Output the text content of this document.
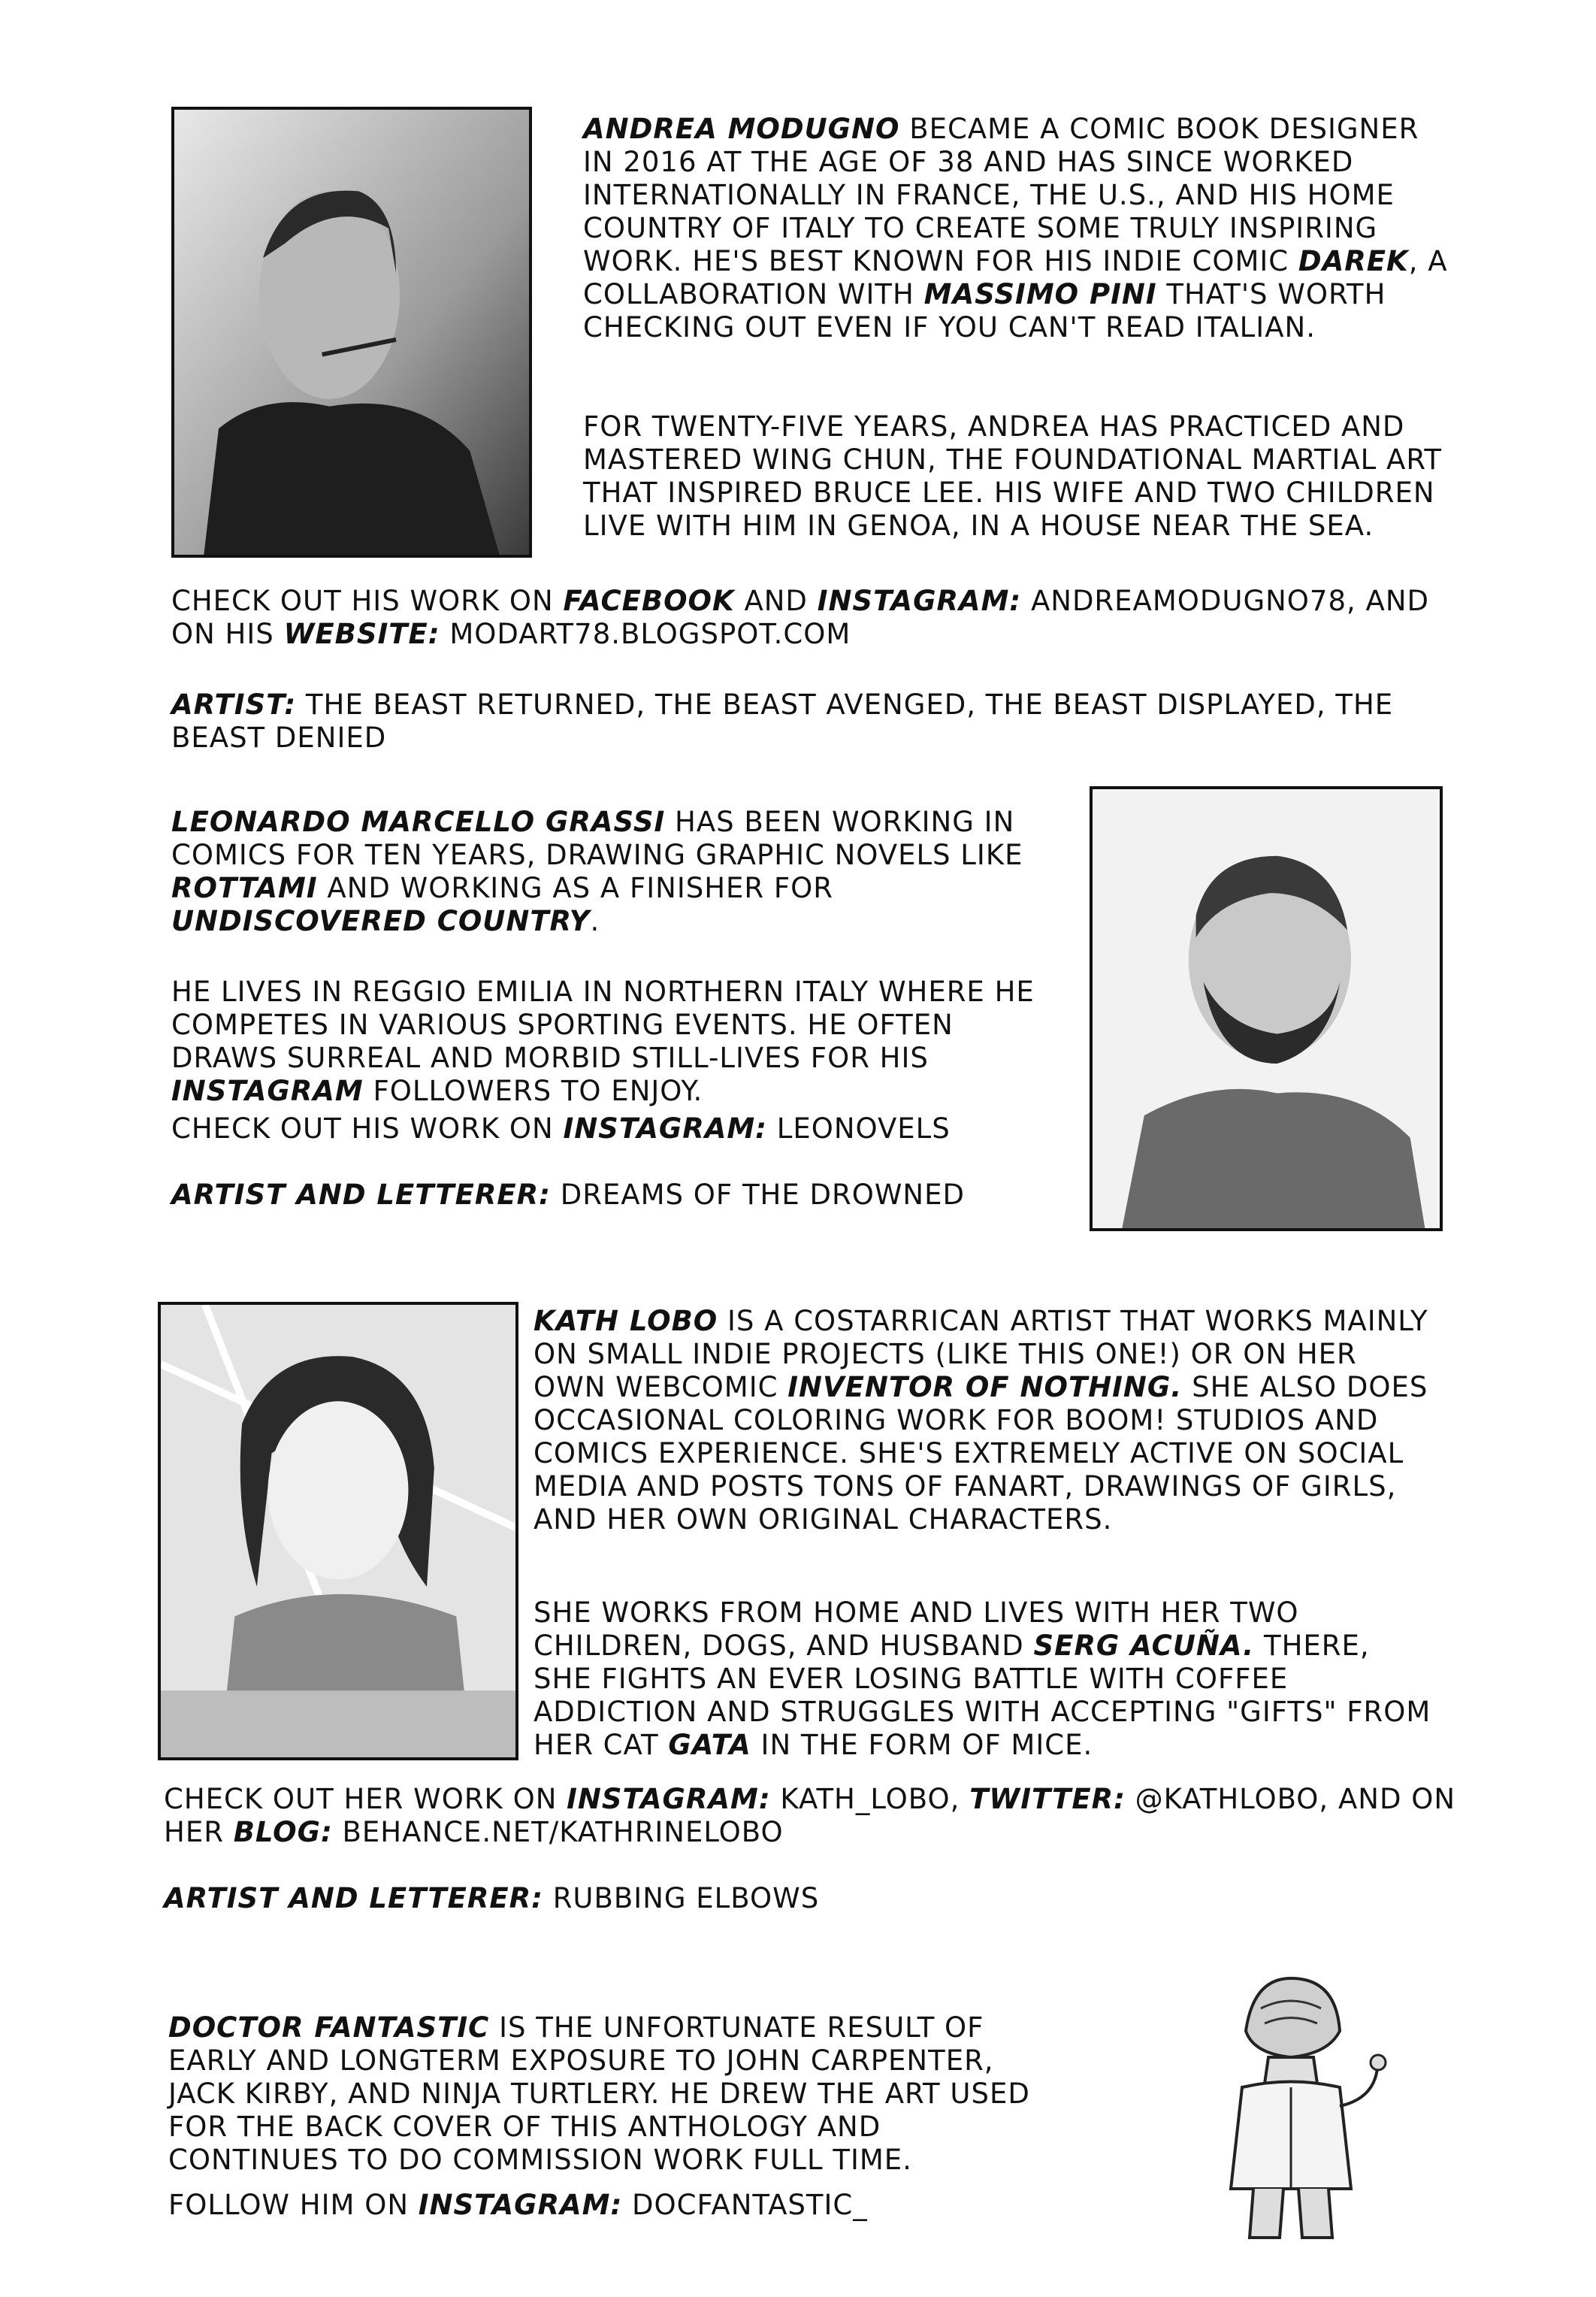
ANDREA MODUGNO BECAME A COMIC BOOK DESIGNER IN 2016 AT THE AGE OF 38 AND HAS SINCE WORKED INTERNATIONALLY IN FRANCE, THE U.S., AND HIS HOME COUNTRY OF ITALY TO CREATE SOME TRULY INSPIRING WORK. HE'S BEST KNOWN FOR HIS INDIE COMIC DAREK, A COLLABORATION WITH MASSIMO PINI THAT'S WORTH CHECKING OUT EVEN IF YOU CAN'T READ ITALIAN.

FOR TWENTY-FIVE YEARS, ANDREA HAS PRACTICED AND MASTERED WING CHUN, THE FOUNDATIONAL MARTIAL ART THAT INSPIRED BRUCE LEE. HIS WIFE AND TWO CHILDREN LIVE WITH HIM IN GENOA, IN A HOUSE NEAR THE SEA.

CHECK OUT HIS WORK ON FACEBOOK AND INSTAGRAM: ANDREAMODUGNO78, AND ON HIS WEBSITE: MODART78.BLOGSPOT.COM

ARTIST: THE BEAST RETURNED, THE BEAST AVENGED, THE BEAST DISPLAYED, THE BEAST DENIED

LEONARDO MARCELLO GRASSI HAS BEEN WORKING IN COMICS FOR TEN YEARS, DRAWING GRAPHIC NOVELS LIKE ROTTAMI AND WORKING AS A FINISHER FOR UNDISCOVERED COUNTRY.

HE LIVES IN REGGIO EMILIA IN NORTHERN ITALY WHERE HE COMPETES IN VARIOUS SPORTING EVENTS. HE OFTEN DRAWS SURREAL AND MORBID STILL-LIVES FOR HIS INSTAGRAM FOLLOWERS TO ENJOY.

CHECK OUT HIS WORK ON INSTAGRAM: LEONOVELS

ARTIST AND LETTERER: DREAMS OF THE DROWNED

KATH LOBO IS A COSTARRICAN ARTIST THAT WORKS MAINLY ON SMALL INDIE PROJECTS (LIKE THIS ONE!) OR ON HER OWN WEBCOMIC INVENTOR OF NOTHING. SHE ALSO DOES OCCASIONAL COLORING WORK FOR BOOM! STUDIOS AND COMICS EXPERIENCE. SHE'S EXTREMELY ACTIVE ON SOCIAL MEDIA AND POSTS TONS OF FANART, DRAWINGS OF GIRLS, AND HER OWN ORIGINAL CHARACTERS.

SHE WORKS FROM HOME AND LIVES WITH HER TWO CHILDREN, DOGS, AND HUSBAND SERG ACUÑA. THERE, SHE FIGHTS AN EVER LOSING BATTLE WITH COFFEE ADDICTION AND STRUGGLES WITH ACCEPTING "GIFTS" FROM HER CAT GATA IN THE FORM OF MICE.

CHECK OUT HER WORK ON INSTAGRAM: KATH_LOBO, TWITTER: @KATHLOBO, AND ON HER BLOG: BEHANCE.NET/KATHRINELOBO

ARTIST AND LETTERER: RUBBING ELBOWS

DOCTOR FANTASTIC IS THE UNFORTUNATE RESULT OF EARLY AND LONGTERM EXPOSURE TO JOHN CARPENTER, JACK KIRBY, AND NINJA TURTLERY. HE DREW THE ART USED FOR THE BACK COVER OF THIS ANTHOLOGY AND CONTINUES TO DO COMMISSION WORK FULL TIME.

FOLLOW HIM ON INSTAGRAM: DOCFANTASTIC_
